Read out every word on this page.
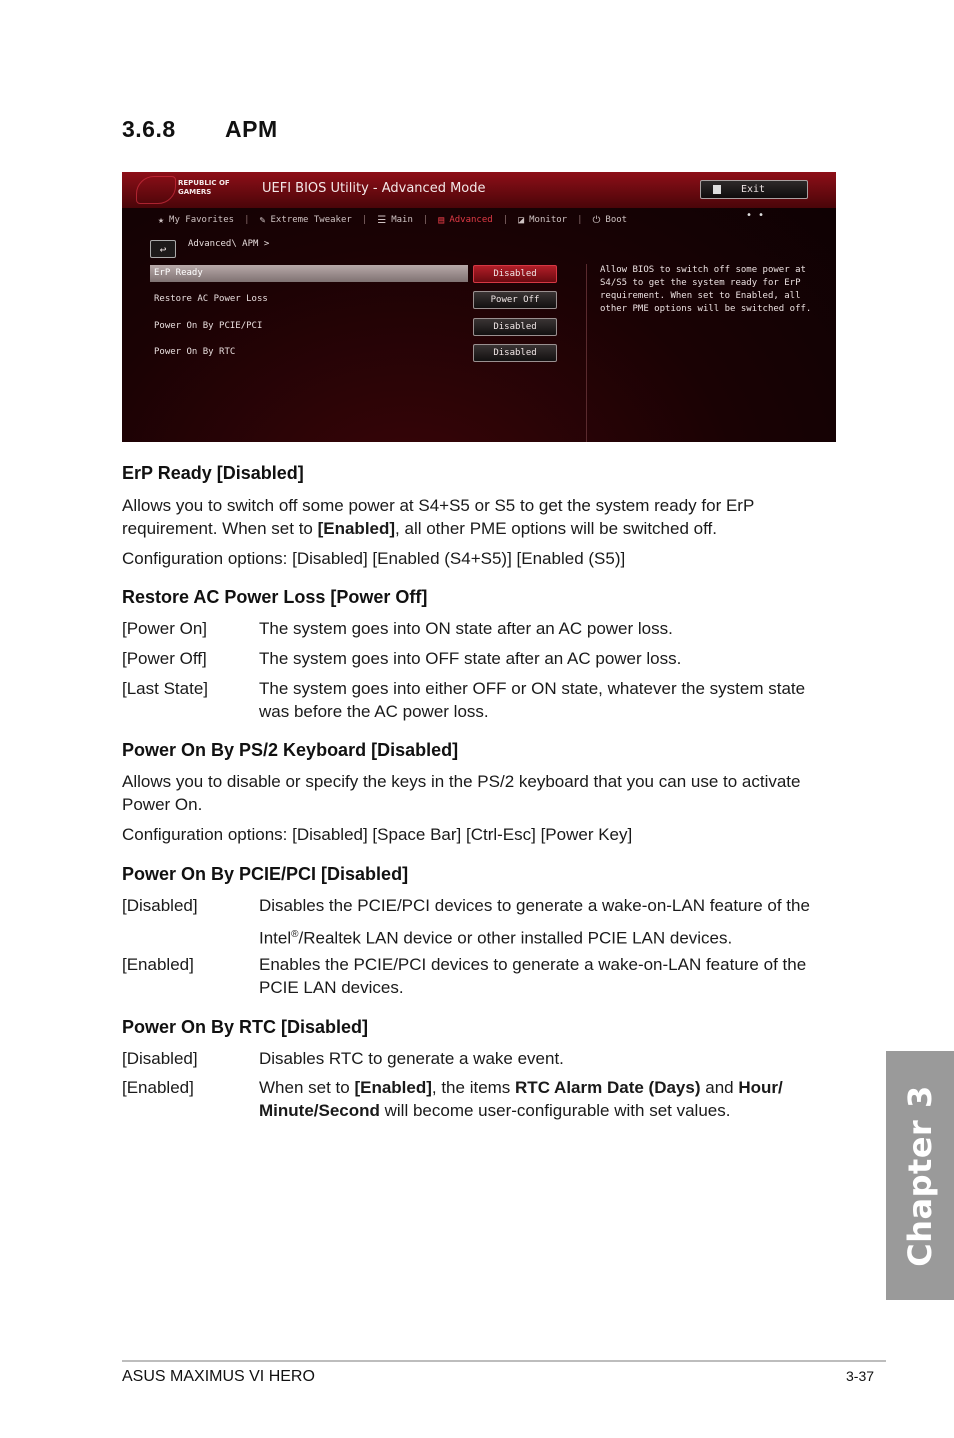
3.6.8 APM
REPUBLIC OF
GAMERS	UEFI BIOS Utility - Advanced Mode	Exit
★ My Favorites | ✎ Extreme Tweaker | ☰ Main | ▤ Advanced | ◪ Monitor | ⏻ Boot	• •
↩ Advanced\ APM >
ErP Ready	Disabled
Restore AC Power Loss	Power Off
Power On By PCIE/PCI	Disabled
Power On By RTC	Disabled
Allow BIOS to switch off some power at S4/S5 to get the system ready for ErP
requirement. When set to Enabled, all other PME options will be switched off.
ErP Ready [Disabled]
Allows you to switch off some power at S4+S5 or S5 to get the system ready for ErP requirement. When set to [Enabled], all other PME options will be switched off.
Configuration options: [Disabled] [Enabled (S4+S5)] [Enabled (S5)]
Restore AC Power Loss [Power Off]
[Power On]	The system goes into ON state after an AC power loss.
[Power Off]	The system goes into OFF state after an AC power loss.
[Last State]	The system goes into either OFF or ON state, whatever the system state was before the AC power loss.
Power On By PS/2 Keyboard [Disabled]
Allows you to disable or specify the keys in the PS/2 keyboard that you can use to activate Power On.
Configuration options: [Disabled] [Space Bar] [Ctrl-Esc] [Power Key]
Power On By PCIE/PCI [Disabled]
[Disabled]	Disables the PCIE/PCI devices to generate a wake-on-LAN feature of the Intel®/Realtek LAN device or other installed PCIE LAN devices.
[Enabled]	Enables the PCIE/PCI devices to generate a wake-on-LAN feature of the PCIE LAN devices.
Power On By RTC [Disabled]
[Disabled]	Disables RTC to generate a wake event.
[Enabled]	When set to [Enabled], the items RTC Alarm Date (Days) and Hour/ Minute/Second will become user-configurable with set values.	Chapter 3
ASUS MAXIMUS VI HERO	3-37
